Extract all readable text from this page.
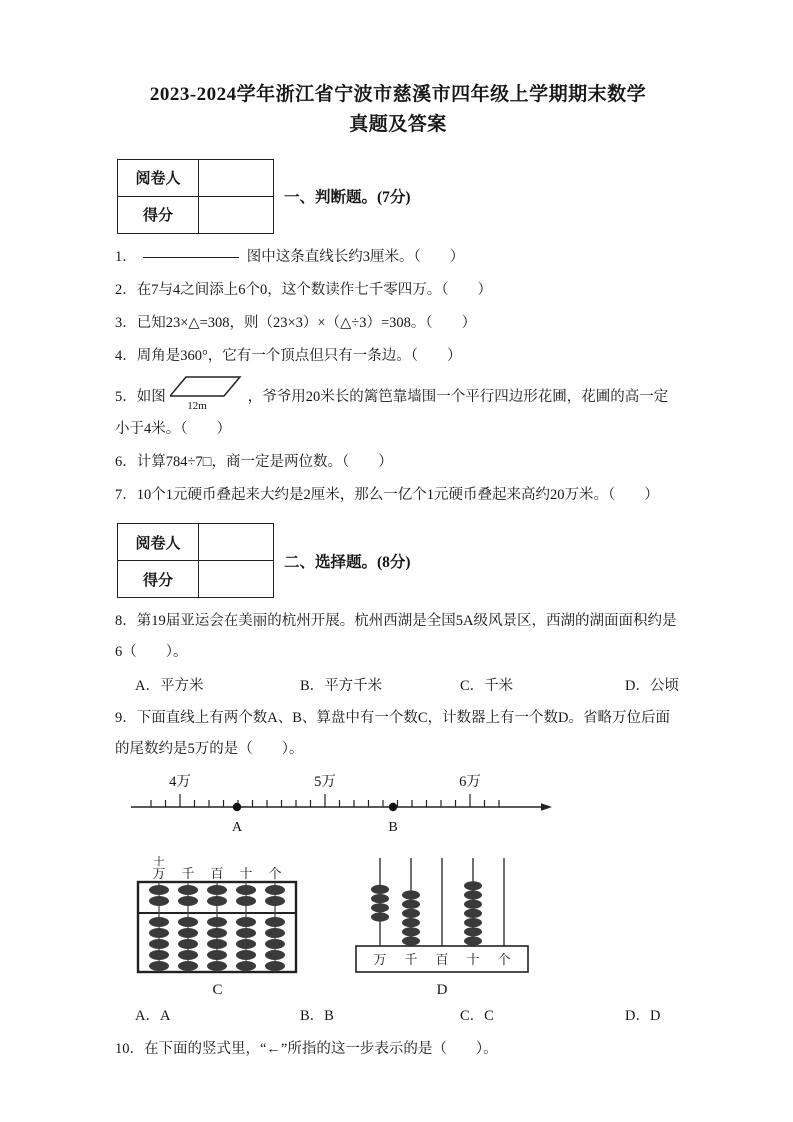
2023-2024学年浙江省宁波市慈溪市四年级上学期期末数学
真题及答案
阅卷人	
得分	
一、判断题。(7分)
1．	图中这条直线长约3厘米。（　　）
2．在7与4之间添上6个0，这个数读作七千零四万。（　　）
3．已知23×△=308，则（23×3）×（△÷3）=308。（　　）
4．周角是360°，它有一个顶点但只有一条边。（　　）
5．如图
12m
，爷爷用20米长的篱笆靠墙围一个平行四边形花圃，花圃的高一定小于4米。（　　）
6．计算784÷7□，商一定是两位数。（　　）
7．10个1元硬币叠起来大约是2厘米，那么一亿个1元硬币叠起来高约20万米。（　　）
阅卷人	
得分	
二、选择题。(8分)
8．第19届亚运会在美丽的杭州开展。杭州西湖是全国5A级风景区，西湖的湖面面积约是6（　　）。
A．平方米	B．平方千米	C．千米	D．公顷
9．下面直线上有两个数A、B、算盘中有一个数C，计数器上有一个数D。省略万位后面的尾数约是5万的是（　　）。
4万	5万	6万
A	B
十
万 千 百 十 个
C
万 千 百 十 个
D
A．A	B．B	C．C	D．D
10．在下面的竖式里，“←”所指的这一步表示的是（　　）。
